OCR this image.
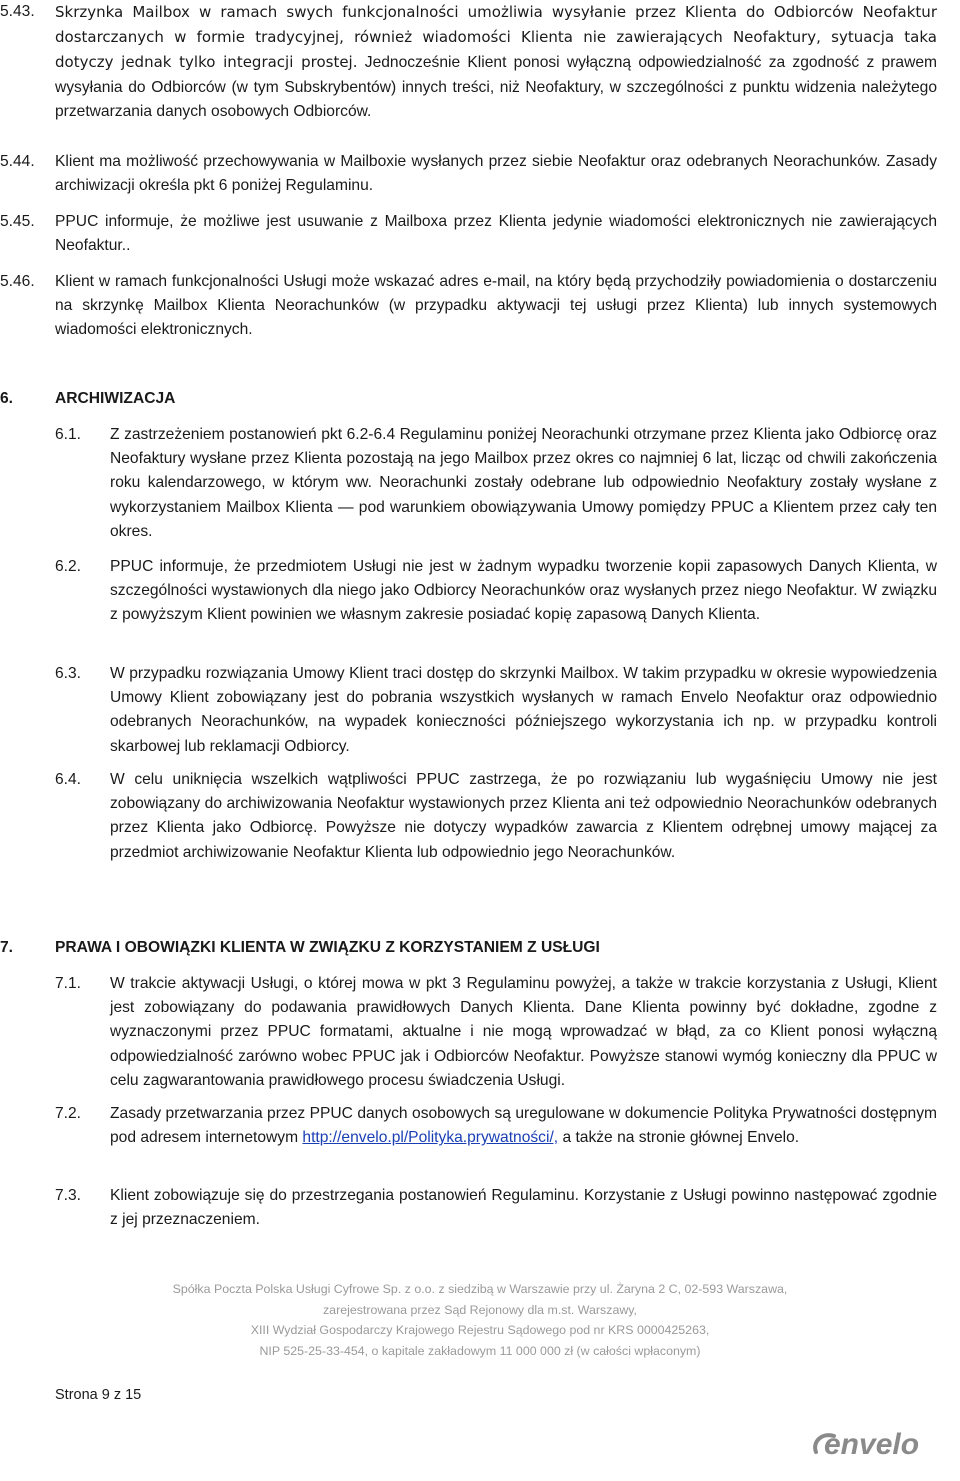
5.43. Skrzynka Mailbox w ramach swych funkcjonalności umożliwia wysyłanie przez Klienta do Odbiorców Neofaktur dostarczanych w formie tradycyjnej, również wiadomości Klienta nie zawierających Neofaktury, sytuacja taka dotyczy jednak tylko integracji prostej. Jednocześnie Klient ponosi wyłączną odpowiedzialność za zgodność z prawem wysyłania do Odbiorców (w tym Subskrybentów) innych treści, niż Neofaktury, w szczególności z punktu widzenia należytego przetwarzania danych osobowych Odbiorców.
5.44. Klient ma możliwość przechowywania w Mailboxie wysłanych przez siebie Neofaktur oraz odebranych Neorachunków. Zasady archiwizacji określa pkt 6 poniżej Regulaminu.
5.45. PPUC informuje, że możliwe jest usuwanie z Mailboxa przez Klienta jedynie wiadomości elektronicznych nie zawierających Neofaktur..
5.46. Klient w ramach funkcjonalności Usługi może wskazać adres e-mail, na który będą przychodziły powiadomienia o dostarczeniu na skrzynkę Mailbox Klienta Neorachunków (w przypadku aktywacji tej usługi przez Klienta) lub innych systemowych wiadomości elektronicznych.
6.	ARCHIWIZACJA
6.1. Z zastrzeżeniem postanowień pkt 6.2-6.4 Regulaminu poniżej Neorachunki otrzymane przez Klienta jako Odbiorcę oraz Neofaktury wysłane przez Klienta pozostają na jego Mailbox przez okres co najmniej 6 lat, licząc od chwili zakończenia roku kalendarzowego, w którym ww. Neorachunki zostały odebrane lub odpowiednio Neofaktury zostały wysłane z wykorzystaniem Mailbox Klienta — pod warunkiem obowiązywania Umowy pomiędzy PPUC a Klientem przez cały ten okres.
6.2. PPUC informuje, że przedmiotem Usługi nie jest w żadnym wypadku tworzenie kopii zapasowych Danych Klienta, w szczególności wystawionych dla niego jako Odbiorcy Neorachunków oraz wysłanych przez niego Neofaktur. W związku z powyższym Klient powinien we własnym zakresie posiadać kopię zapasową Danych Klienta.
6.3. W przypadku rozwiązania Umowy Klient traci dostęp do skrzynki Mailbox. W takim przypadku w okresie wypowiedzenia Umowy Klient zobowiązany jest do pobrania wszystkich wysłanych w ramach Envelo Neofaktur oraz odpowiednio odebranych Neorachunków, na wypadek konieczności późniejszego wykorzystania ich np. w przypadku kontroli skarbowej lub reklamacji Odbiorcy.
6.4. W celu uniknięcia wszelkich wątpliwości PPUC zastrzega, że po rozwiązaniu lub wygaśnięciu Umowy nie jest zobowiązany do archiwizowania Neofaktur wystawionych przez Klienta ani też odpowiednio Neorachunków odebranych przez Klienta jako Odbiorcę. Powyższe nie dotyczy wypadków zawarcia z Klientem odrębnej umowy mającej za przedmiot archiwizowanie Neofaktur Klienta lub odpowiednio jego Neorachunków.
7.	PRAWA I OBOWIĄZKI KLIENTA W ZWIĄZKU Z KORZYSTANIEM Z USŁUGI
7.1. W trakcie aktywacji Usługi, o której mowa w pkt 3 Regulaminu powyżej, a także w trakcie korzystania z Usługi, Klient jest zobowiązany do podawania prawidłowych Danych Klienta. Dane Klienta powinny być dokładne, zgodne z wyznaczonymi przez PPUC formatami, aktualne i nie mogą wprowadzać w błąd, za co Klient ponosi wyłączną odpowiedzialność zarówno wobec PPUC jak i Odbiorców Neofaktur. Powyższe stanowi wymóg konieczny dla PPUC w celu zagwarantowania prawidłowego procesu świadczenia Usługi.
7.2. Zasady przetwarzania przez PPUC danych osobowych są uregulowane w dokumencie Polityka Prywatności dostępnym pod adresem internetowym http://envelo.pl/Polityka.prywatności/, a także na stronie głównej Envelo.
7.3. Klient zobowiązuje się do przestrzegania postanowień Regulaminu. Korzystanie z Usługi powinno następować zgodnie z jej przeznaczeniem.
Spółka Poczta Polska Usługi Cyfrowe Sp. z o.o. z siedzibą w Warszawie przy ul. Żaryna 2 C, 02-593 Warszawa,
zarejestrowana przez Sąd Rejonowy dla m.st. Warszawy,
XIII Wydział Gospodarczy Krajowego Rejestru Sądowego pod nr KRS 0000425263,
NIP 525-25-33-454, o kapitale zakładowym 11 000 000 zł (w całości wpłaconym)
Strona 9 z 15
envelo
